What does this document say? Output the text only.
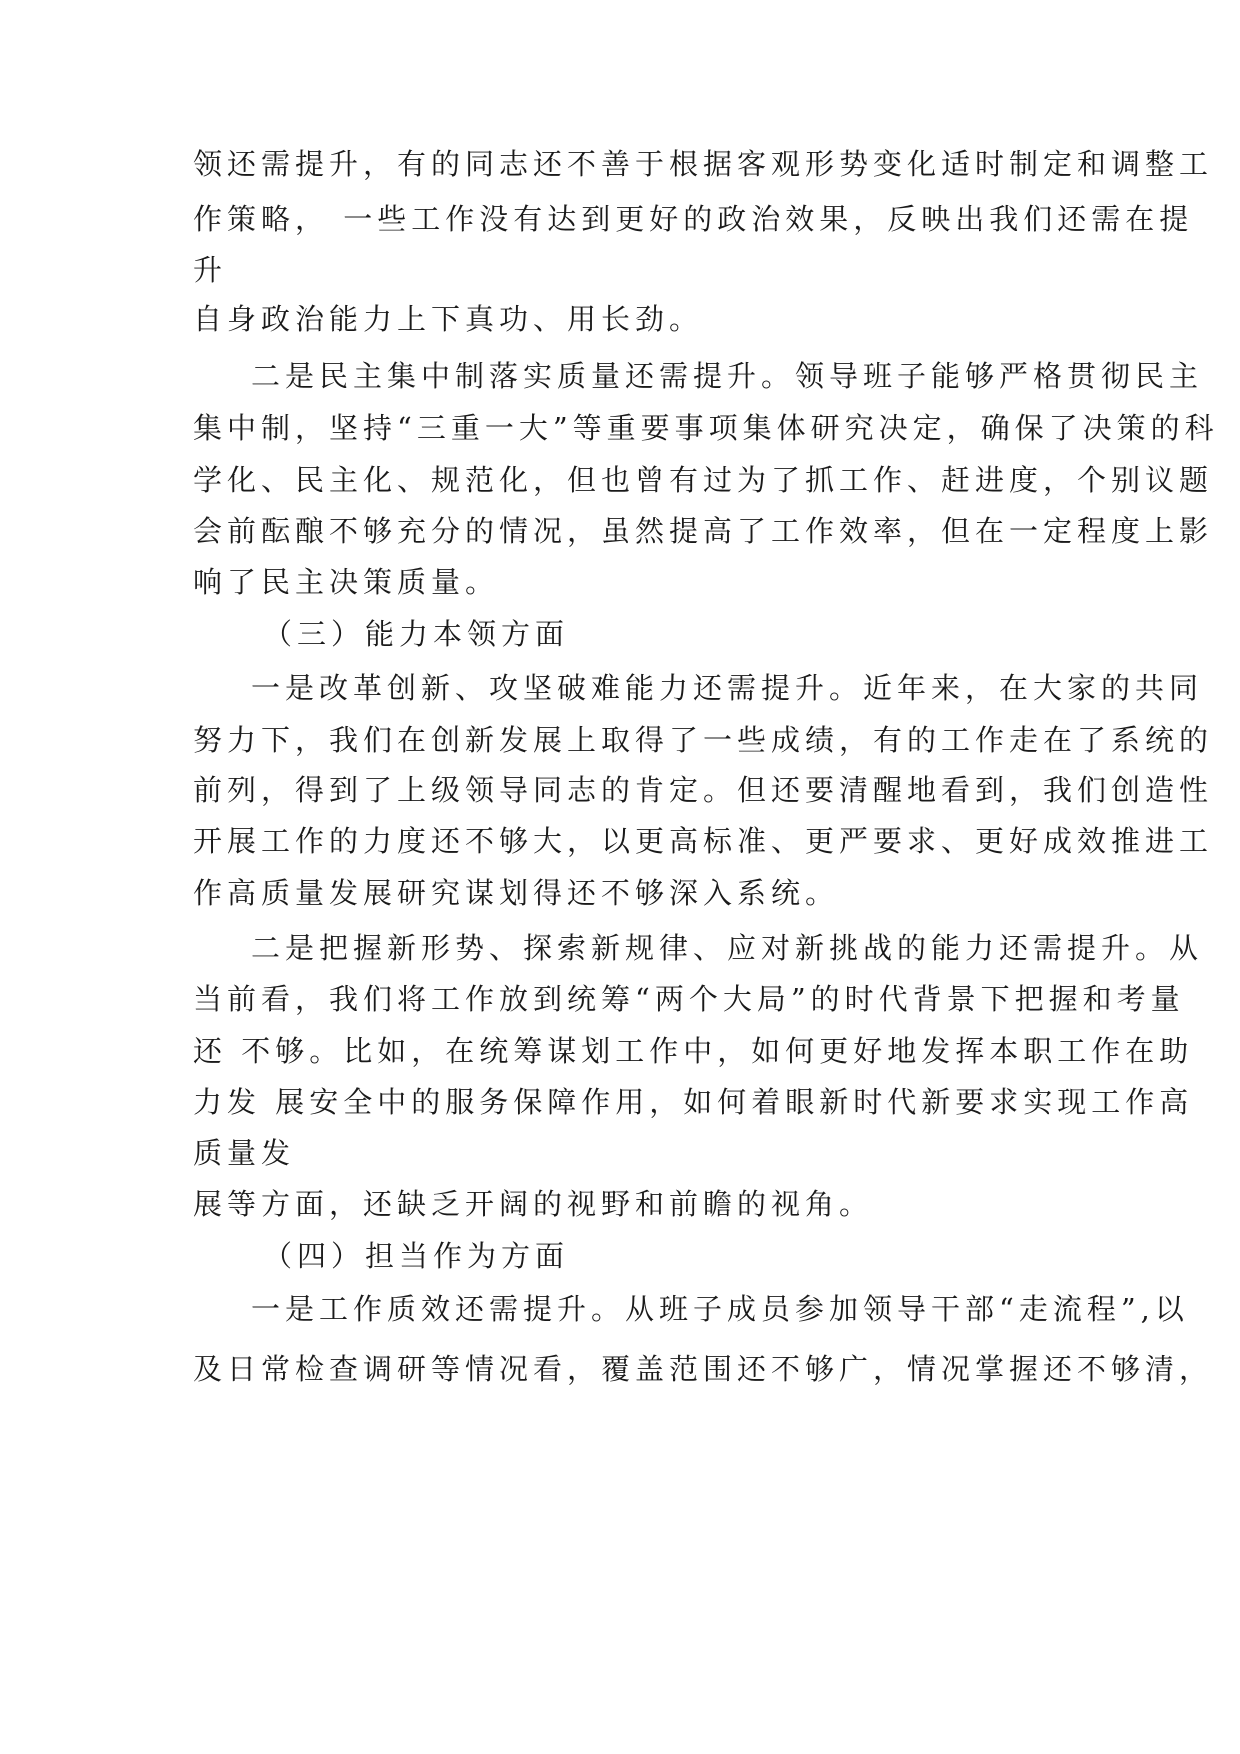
领还需提升，有的同志还不善于根据客观形势变化适时制定和调整工
作策略， 一些工作没有达到更好的政治效果，反映出我们还需在提
升
自身政治能力上下真功、用长劲。
二是民主集中制落实质量还需提升。领导班子能够严格贯彻民主
集中制，坚持“三重一大”等重要事项集体研究决定，确保了决策的科
学化、民主化、规范化，但也曾有过为了抓工作、赶进度，个别议题
会前酝酿不够充分的情况，虽然提高了工作效率，但在一定程度上影
响了民主决策质量。
（三）能力本领方面
一是改革创新、攻坚破难能力还需提升。近年来，在大家的共同
努力下，我们在创新发展上取得了一些成绩，有的工作走在了系统的
前列，得到了上级领导同志的肯定。但还要清醒地看到，我们创造性
开展工作的力度还不够大，以更高标准、更严要求、更好成效推进工
作高质量发展研究谋划得还不够深入系统。
二是把握新形势、探索新规律、应对新挑战的能力还需提升。从
当前看，我们将工作放到统筹“两个大局”的时代背景下把握和考量
还 不够。比如，在统筹谋划工作中，如何更好地发挥本职工作在助
力发 展安全中的服务保障作用，如何着眼新时代新要求实现工作高
质量发
展等方面，还缺乏开阔的视野和前瞻的视角。
（四）担当作为方面
一是工作质效还需提升。从班子成员参加领导干部“走流程”,以
及日常检查调研等情况看，覆盖范围还不够广，情况掌握还不够清，
